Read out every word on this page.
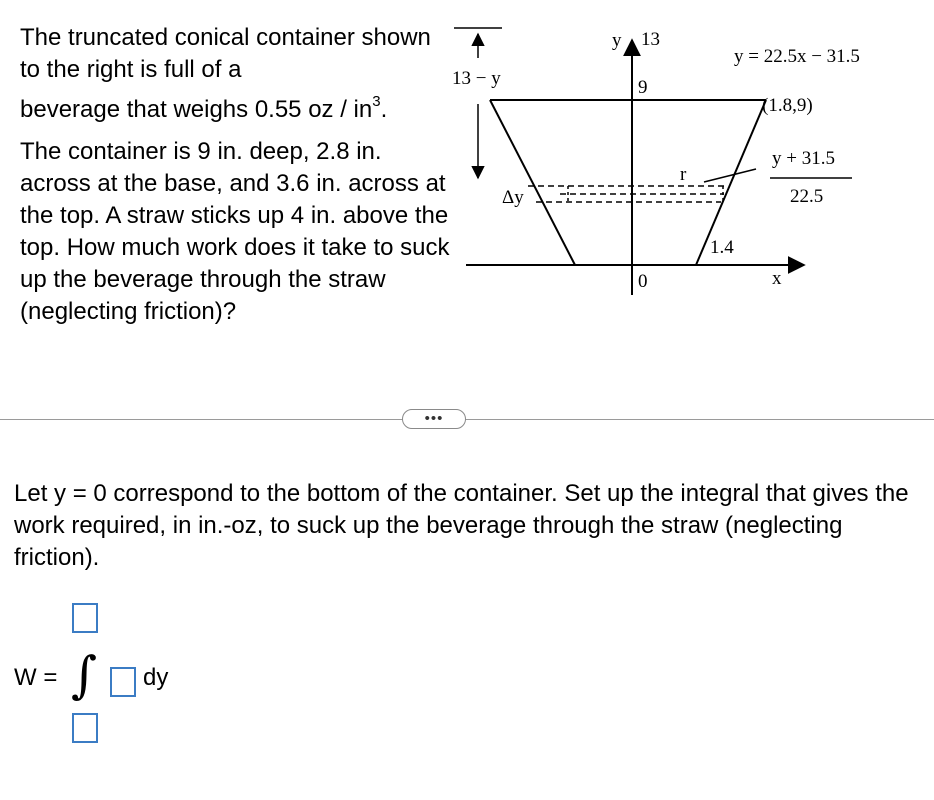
The truncated conical container shown to the right is full of a
beverage that weighs 0.55 oz / $in^3$.
The container is 9 in. deep, 2.8 in. across at the base, and 3.6 in. across at the top. A straw sticks up 4 in. above the top. How much work does it take to suck up the beverage through the straw (neglecting friction)?
13 − y
y 13
9
0
Δy
r
y = 22.5x − 31.5
(1.8,9)
y + 31.5
22.5
1.4
x
•••

Let y = 0 correspond to the bottom of the container. Set up the integral that gives the work required, in in.-oz, to suck up the beverage through the straw (neglecting friction).

W = ∫ dy
